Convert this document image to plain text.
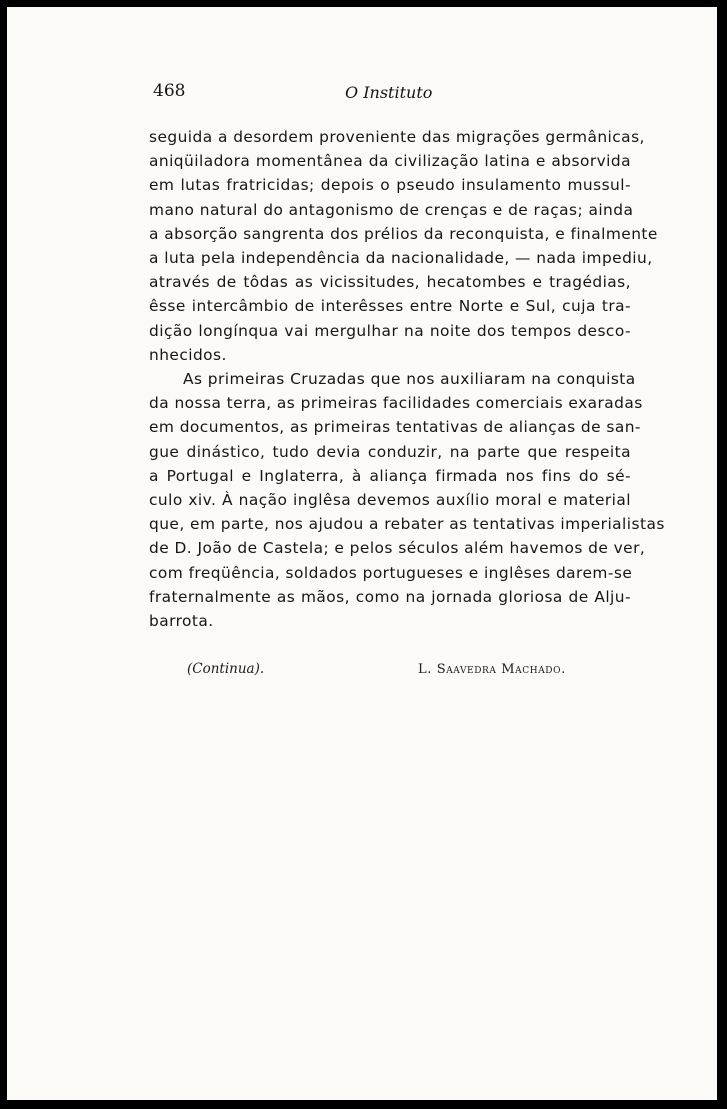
468	O Instituto
seguida a desordem proveniente das migrações germânicas,
aniqüiladora momentânea da civilização latina e absorvida
em lutas fratricidas; depois o pseudo insulamento mussul-
mano natural do antagonismo de crenças e de raças; ainda
a absorção sangrenta dos prélios da reconquista, e finalmente
a luta pela independência da nacionalidade, — nada impediu,
através de tôdas as vicissitudes, hecatombes e tragédias,
êsse intercâmbio de interêsses entre Norte e Sul, cuja tra-
dição longínqua vai mergulhar na noite dos tempos desco-
nhecidos.
As primeiras Cruzadas que nos auxiliaram na conquista
da nossa terra, as primeiras facilidades comerciais exaradas
em documentos, as primeiras tentativas de alianças de san-
gue dinástico, tudo devia conduzir, na parte que respeita
a Portugal e Inglaterra, à aliança firmada nos fins do sé-
culo xiv. À nação inglêsa devemos auxílio moral e material
que, em parte, nos ajudou a rebater as tentativas imperialistas
de D. João de Castela; e pelos séculos além havemos de ver,
com freqüência, soldados portugueses e inglêses darem-se
fraternalmente as mãos, como na jornada gloriosa de Alju-
barrota.
(Continua).	L. Saavedra Machado.
